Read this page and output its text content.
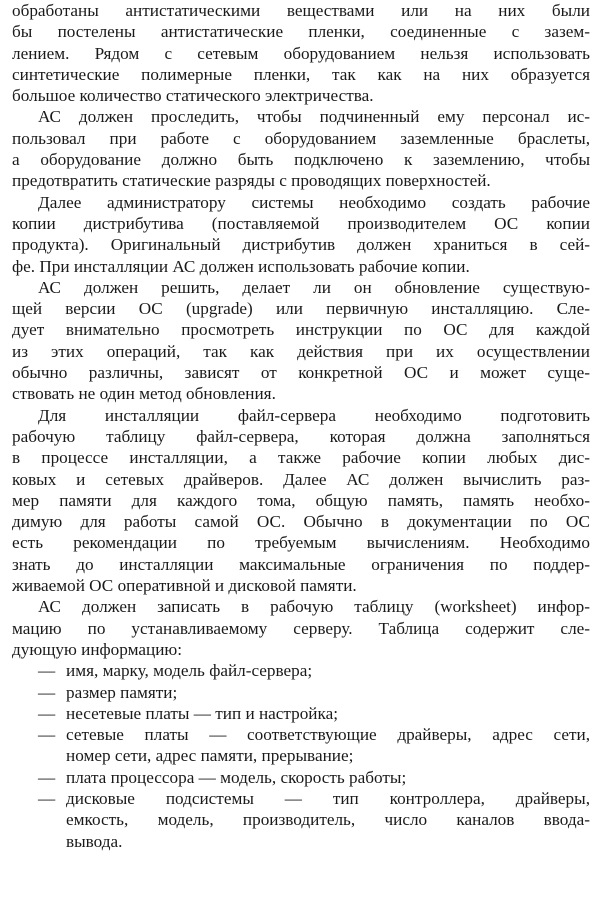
обработаны антистатическими веществами или на них были
бы постелены антистатические пленки, соединенные с зазем-
лением. Рядом с сетевым оборудованием нельзя использовать
синтетические полимерные пленки, так как на них образуется
большое количество статического электричества.
АС должен проследить, чтобы подчиненный ему персонал ис-
пользовал при работе с оборудованием заземленные браслеты,
а оборудование должно быть подключено к заземлению, чтобы
предотвратить статические разряды с проводящих поверхностей.
Далее администратору системы необходимо создать рабочие
копии дистрибутива (поставляемой производителем ОС копии
продукта). Оригинальный дистрибутив должен храниться в сей-
фе. При инсталляции АС должен использовать рабочие копии.
АС должен решить, делает ли он обновление существую-
щей версии ОС (upgrade) или первичную инсталляцию. Сле-
дует внимательно просмотреть инструкции по ОС для каждой
из этих операций, так как действия при их осуществлении
обычно различны, зависят от конкретной ОС и может суще-
ствовать не один метод обновления.
Для инсталляции файл-сервера необходимо подготовить
рабочую таблицу файл-сервера, которая должна заполняться
в процессе инсталляции, а также рабочие копии любых дис-
ковых и сетевых драйверов. Далее АС должен вычислить раз-
мер памяти для каждого тома, общую память, память необхо-
димую для работы самой ОС. Обычно в документации по ОС
есть рекомендации по требуемым вычислениям. Необходимо
знать до инсталляции максимальные ограничения по поддер-
живаемой ОС оперативной и дисковой памяти.
АС должен записать в рабочую таблицу (worksheet) инфор-
мацию по устанавливаемому серверу. Таблица содержит сле-
дующую информацию:
— имя, марку, модель файл-сервера;
— размер памяти;
— несетевые платы — тип и настройка;
— сетевые платы — соответствующие драйверы, адрес сети,
номер сети, адрес памяти, прерывание;
— плата процессора — модель, скорость работы;
— дисковые подсистемы — тип контроллера, драйверы,
емкость, модель, производитель, число каналов ввода-
вывода.
